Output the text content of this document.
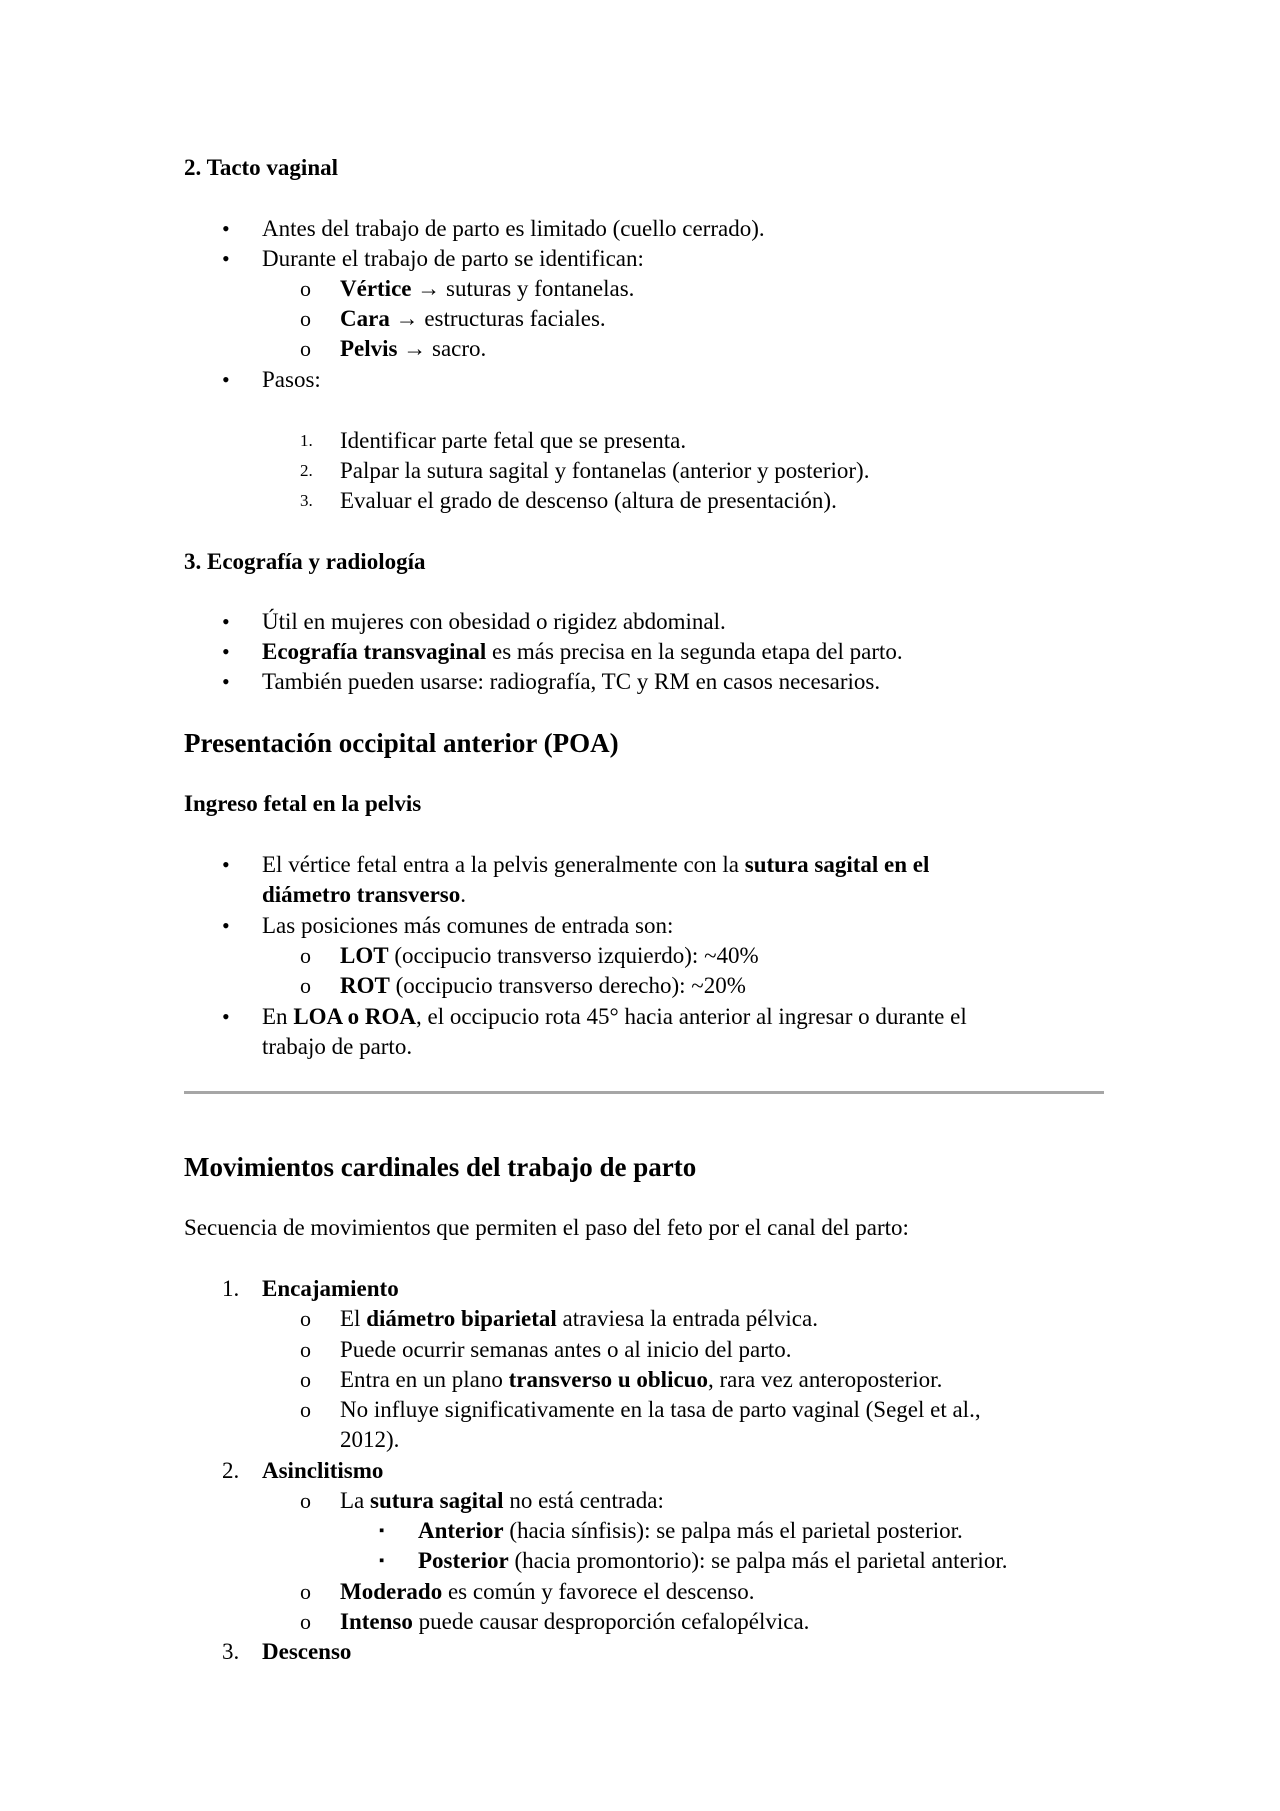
2. Tacto vaginal
• Antes del trabajo de parto es limitado (cuello cerrado).
• Durante el trabajo de parto se identifican:
o Vértice → suturas y fontanelas.
o Cara → estructuras faciales.
o Pelvis → sacro.
• Pasos:
1. Identificar parte fetal que se presenta.
2. Palpar la sutura sagital y fontanelas (anterior y posterior).
3. Evaluar el grado de descenso (altura de presentación).
3. Ecografía y radiología
• Útil en mujeres con obesidad o rigidez abdominal.
• Ecografía transvaginal es más precisa en la segunda etapa del parto.
• También pueden usarse: radiografía, TC y RM en casos necesarios.
Presentación occipital anterior (POA)
Ingreso fetal en la pelvis
• El vértice fetal entra a la pelvis generalmente con la sutura sagital en el
diámetro transverso.
• Las posiciones más comunes de entrada son:
o LOT (occipucio transverso izquierdo): ~40%
o ROT (occipucio transverso derecho): ~20%
• En LOA o ROA, el occipucio rota 45° hacia anterior al ingresar o durante el
trabajo de parto.
Movimientos cardinales del trabajo de parto
Secuencia de movimientos que permiten el paso del feto por el canal del parto:
1. Encajamiento
o El diámetro biparietal atraviesa la entrada pélvica.
o Puede ocurrir semanas antes o al inicio del parto.
o Entra en un plano transverso u oblicuo, rara vez anteroposterior.
o No influye significativamente en la tasa de parto vaginal (Segel et al.,
2012).
2. Asinclitismo
o La sutura sagital no está centrada:
▪ Anterior (hacia sínfisis): se palpa más el parietal posterior.
▪ Posterior (hacia promontorio): se palpa más el parietal anterior.
o Moderado es común y favorece el descenso.
o Intenso puede causar desproporción cefalopélvica.
3. Descenso
